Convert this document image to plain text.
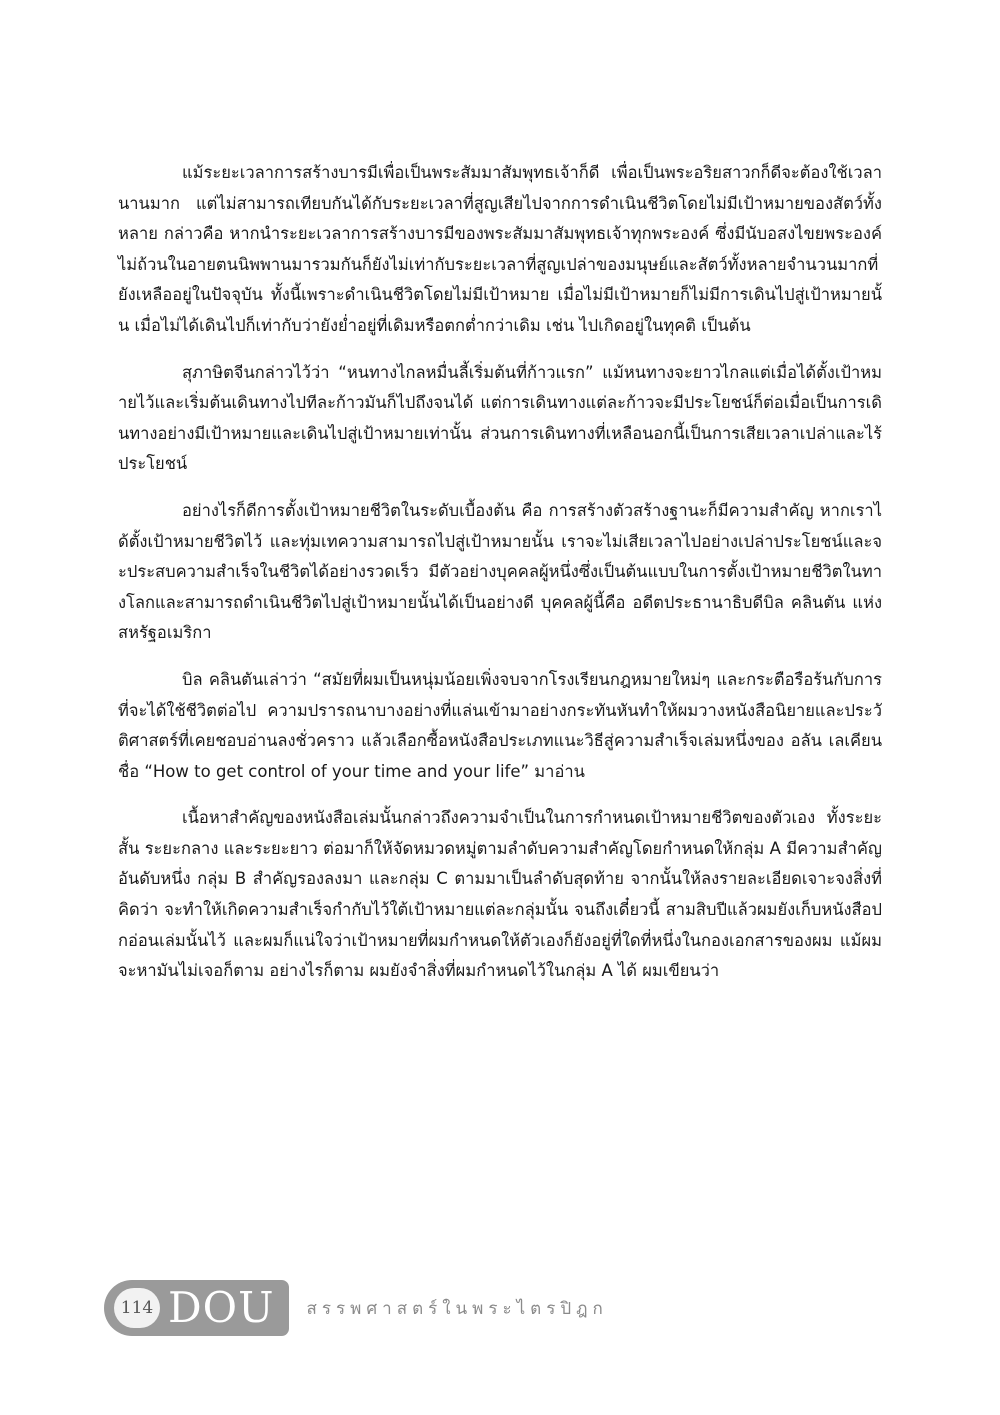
แม้ระยะเวลาการสร้างบารมีเพื่อเป็นพระสัมมาสัมพุทธเจ้าก็ดี เพื่อเป็นพระอริยสาวกก็ดีจะต้องใช้เวลานานมาก แต่ไม่สามารถเทียบกันได้กับระยะเวลาที่สูญเสียไปจากการดำเนินชีวิตโดยไม่มีเป้าหมายของสัตว์ทั้งหลาย กล่าวคือ หากนำระยะเวลาการสร้างบารมีของพระสัมมาสัมพุทธเจ้าทุกพระองค์ ซึ่งมีนับอสงไขยพระองค์ไม่ถ้วนในอายตนนิพพานมารวมกันก็ยังไม่เท่ากับระยะเวลาที่สูญเปล่าของมนุษย์และสัตว์ทั้งหลายจำนวนมากที่ยังเหลืออยู่ในปัจจุบัน ทั้งนี้เพราะดำเนินชีวิตโดยไม่มีเป้าหมาย เมื่อไม่มีเป้าหมายก็ไม่มีการเดินไปสู่เป้าหมายนั้น เมื่อไม่ได้เดินไปก็เท่ากับว่ายังย่ำอยู่ที่เดิมหรือตกต่ำกว่าเดิม เช่น ไปเกิดอยู่ในทุคติ เป็นต้น

สุภาษิตจีนกล่าวไว้ว่า “หนทางไกลหมื่นลี้เริ่มต้นที่ก้าวแรก” แม้หนทางจะยาวไกลแต่เมื่อได้ตั้งเป้าหมายไว้และเริ่มต้นเดินทางไปทีละก้าวมันก็ไปถึงจนได้ แต่การเดินทางแต่ละก้าวจะมีประโยชน์ก็ต่อเมื่อเป็นการเดินทางอย่างมีเป้าหมายและเดินไปสู่เป้าหมายเท่านั้น ส่วนการเดินทางที่เหลือนอกนี้เป็นการเสียเวลาเปล่าและไร้ประโยชน์

อย่างไรก็ดีการตั้งเป้าหมายชีวิตในระดับเบื้องต้น คือ การสร้างตัวสร้างฐานะก็มีความสำคัญ หากเราได้ตั้งเป้าหมายชีวิตไว้ และทุ่มเทความสามารถไปสู่เป้าหมายนั้น เราจะไม่เสียเวลาไปอย่างเปล่าประโยชน์และจะประสบความสำเร็จในชีวิตได้อย่างรวดเร็ว มีตัวอย่างบุคคลผู้หนึ่งซึ่งเป็นต้นแบบในการตั้งเป้าหมายชีวิตในทางโลกและสามารถดำเนินชีวิตไปสู่เป้าหมายนั้นได้เป็นอย่างดี บุคคลผู้นี้คือ อดีตประธานาธิบดีบิล คลินตัน แห่งสหรัฐอเมริกา

บิล คลินตันเล่าว่า “สมัยที่ผมเป็นหนุ่มน้อยเพิ่งจบจากโรงเรียนกฎหมายใหม่ๆ และกระตือรือร้นกับการที่จะได้ใช้ชีวิตต่อไป ความปรารถนาบางอย่างที่แล่นเข้ามาอย่างกระทันหันทำให้ผมวางหนังสือนิยายและประวัติศาสตร์ที่เคยชอบอ่านลงชั่วคราว แล้วเลือกซื้อหนังสือประเภทแนะวิธีสู่ความสำเร็จเล่มหนึ่งของ อลัน เลเคียน ชื่อ “How to get control of your time and your life” มาอ่าน

เนื้อหาสำคัญของหนังสือเล่มนั้นกล่าวถึงความจำเป็นในการกำหนดเป้าหมายชีวิตของตัวเอง ทั้งระยะสั้น ระยะกลาง และระยะยาว ต่อมาก็ให้จัดหมวดหมู่ตามลำดับความสำคัญโดยกำหนดให้กลุ่ม A มีความสำคัญอันดับหนึ่ง กลุ่ม B สำคัญรองลงมา และกลุ่ม C ตามมาเป็นลำดับสุดท้าย จากนั้นให้ลงรายละเอียดเจาะจงสิ่งที่คิดว่า จะทำให้เกิดความสำเร็จกำกับไว้ใต้เป้าหมายแต่ละกลุ่มนั้น จนถึงเดี๋ยวนี้ สามสิบปีแล้วผมยังเก็บหนังสือปกอ่อนเล่มนั้นไว้ และผมก็แน่ใจว่าเป้าหมายที่ผมกำหนดให้ตัวเองก็ยังอยู่ที่ใดที่หนึ่งในกองเอกสารของผม แม้ผมจะหามันไม่เจอก็ตาม อย่างไรก็ตาม ผมยังจำสิ่งที่ผมกำหนดไว้ในกลุ่ม A ได้ ผมเขียนว่า

114 DOU สรรพศาสตร์ในพระไตรปิฎก
